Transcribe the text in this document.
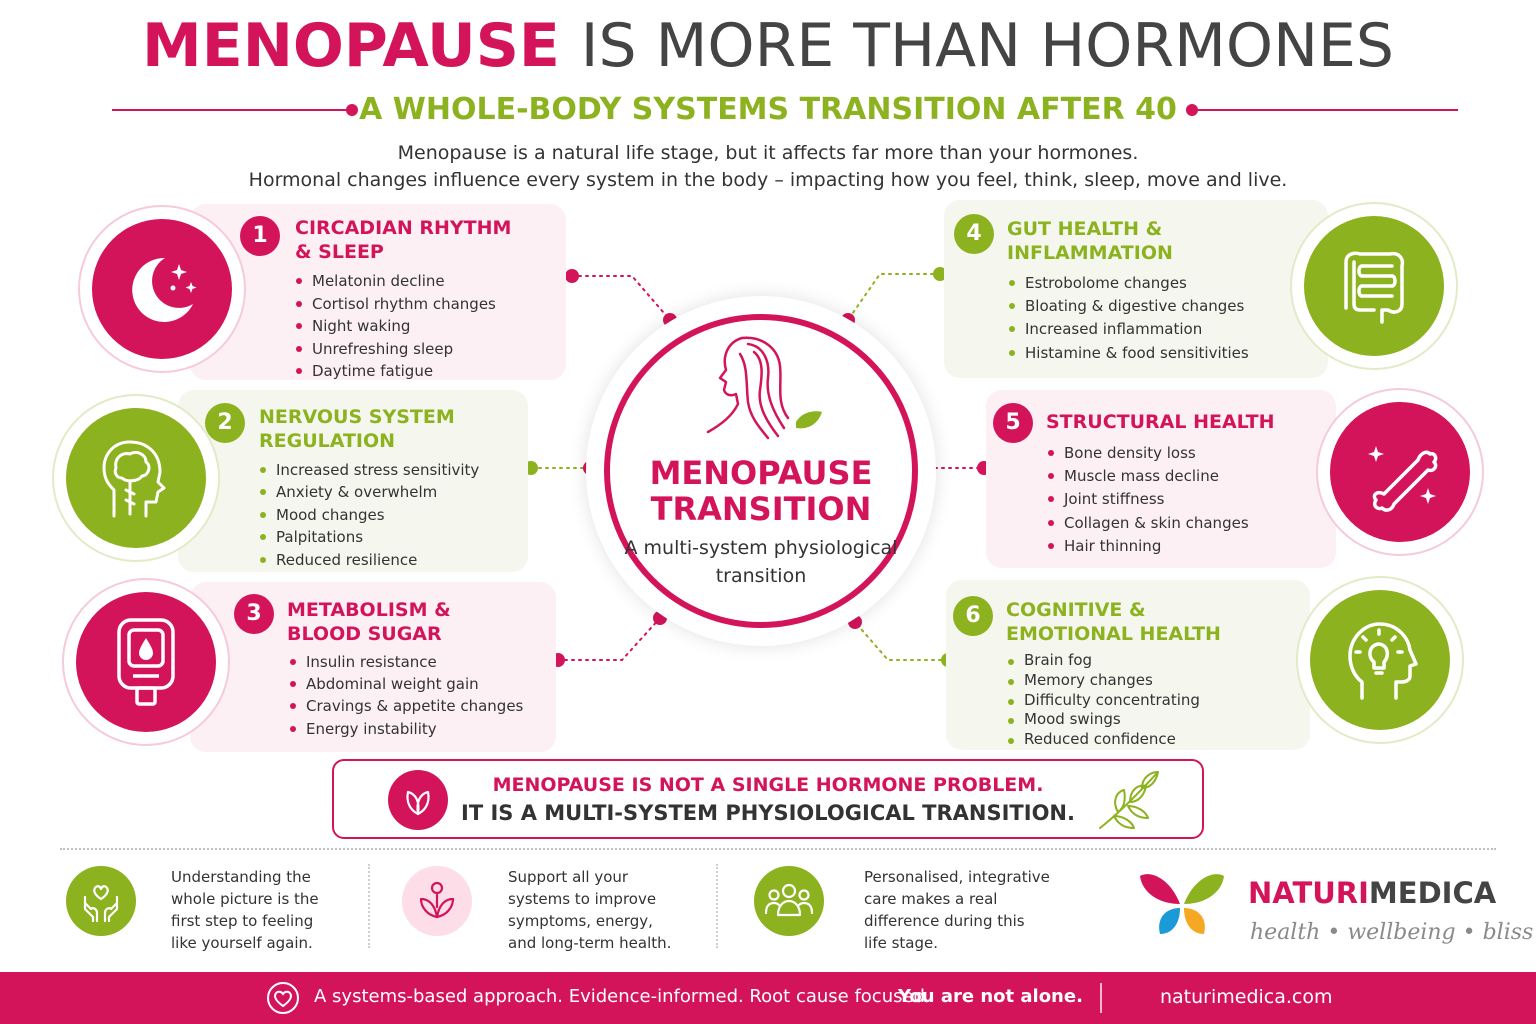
MENOPAUSE IS MORE THAN HORMONES
A WHOLE-BODY SYSTEMS TRANSITION AFTER 40
Menopause is a natural life stage, but it affects far more than your hormones.
Hormonal changes influence every system in the body – impacting how you feel, think, sleep, move and live.
1	CIRCADIAN RHYTHM
& SLEEP
Melatonin decline
Cortisol rhythm changes
Night waking
Unrefreshing sleep
Daytime fatigue
2	NERVOUS SYSTEM
REGULATION
Increased stress sensitivity
Anxiety & overwhelm
Mood changes
Palpitations
Reduced resilience
3	METABOLISM &
BLOOD SUGAR
Insulin resistance
Abdominal weight gain
Cravings & appetite changes
Energy instability
4	GUT HEALTH &
INFLAMMATION
Estrobolome changes
Bloating & digestive changes
Increased inflammation
Histamine & food sensitivities
5	STRUCTURAL HEALTH
Bone density loss
Muscle mass decline
Joint stiffness
Collagen & skin changes
Hair thinning
6	COGNITIVE &
EMOTIONAL HEALTH
Brain fog
Memory changes
Difficulty concentrating
Mood swings
Reduced confidence
MENOPAUSE TRANSITION
A multi-system physiological transition
MENOPAUSE IS NOT A SINGLE HORMONE PROBLEM.
IT IS A MULTI-SYSTEM PHYSIOLOGICAL TRANSITION.
Understanding the
whole picture is the
first step to feeling
like yourself again.
Support all your
systems to improve
symptoms, energy,
and long-term health.
Personalised, integrative
care makes a real
difference during this
life stage.
NATURIMEDICA
health • wellbeing • bliss
A systems-based approach. Evidence-informed. Root cause focused.
You are not alone.	naturimedica.com
